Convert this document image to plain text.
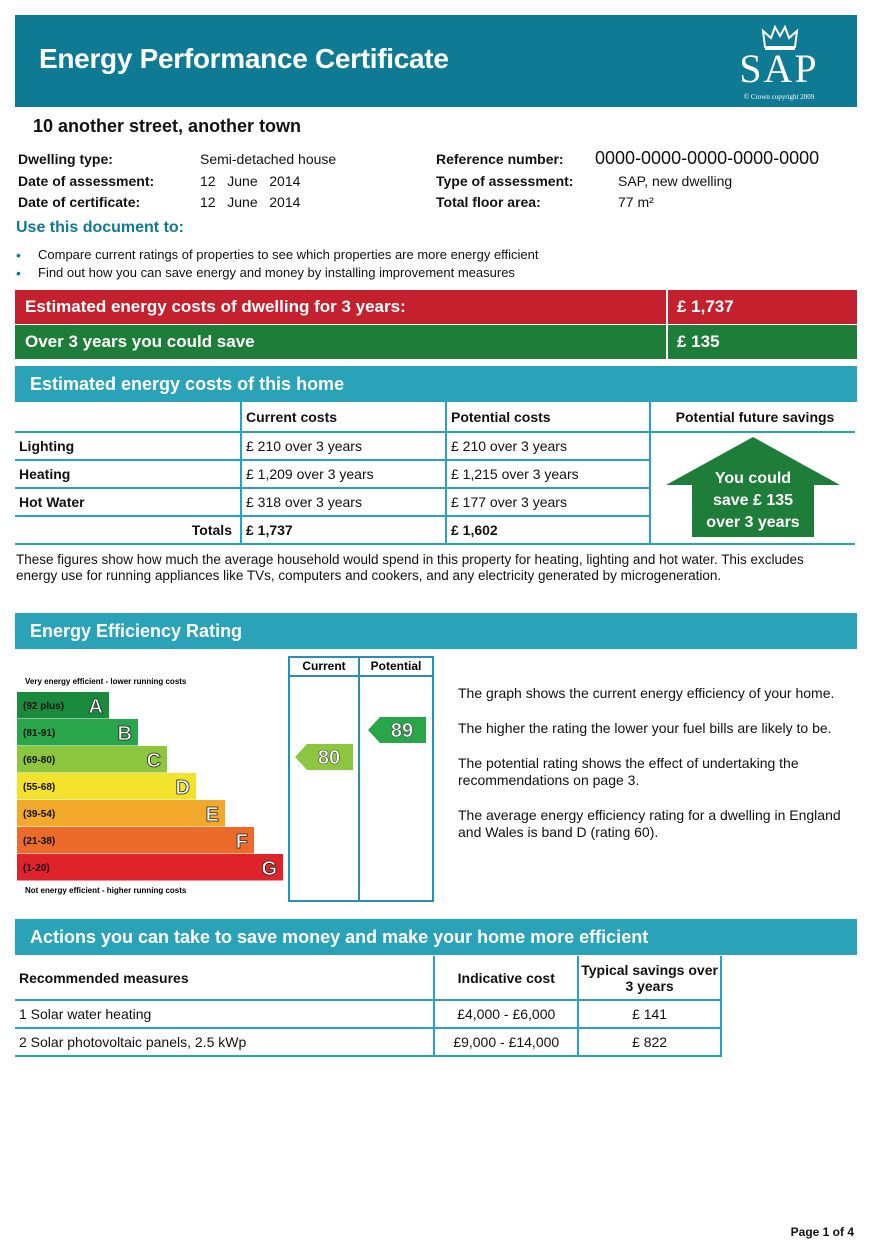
Energy Performance Certificate	SAP
© Crown copyright 2009
10 another street, another town
Dwelling type:	Semi-detached house
Date of assessment:	12   June   2014
Date of certificate:	12   June   2014
Reference number: 0000-0000-0000-0000-0000
Type of assessment:	SAP, new dwelling
Total floor area:	77 m²
Use this document to:
• Compare current ratings of properties to see which properties are more energy efficient
• Find out how you can save energy and money by installing improvement measures
Estimated energy costs of dwelling for 3 years:	£ 1,737
Over 3 years you could save	£ 135
Estimated energy costs of this home
	Current costs	Potential costs	Potential future savings
Lighting	£ 210 over 3 years	£ 210 over 3 years	You could
save £ 135
over 3 years

Heating	£ 1,209 over 3 years	£ 1,215 over 3 years	
Hot Water	£ 318 over 3 years	£ 177 over 3 years	
Totals	£ 1,737	£ 1,602	
These figures show how much the average household would spend in this property for heating, lighting and hot water. This excludes energy use for running appliances like TVs, computers and cookers, and any electricity generated by microgeneration.
Energy Efficiency Rating
Current Potential
Very energy efficient - lower running costs
Not energy efficient - higher running costs
(92 plus) A
(81-91)	B
(69-80)	C
(55-68)	D
(39-54)	E
(21-38)	F
(1-20)	G
80
89

The graph shows the current energy efficiency of your home.

The higher the rating the lower your fuel bills are likely to be.

The potential rating shows the effect of undertaking the recommendations on page 3.

The average energy efficiency rating for a dwelling in England and Wales is band D (rating 60).

Actions you can take to save money and make your home more efficient
Recommended measures	Indicative cost	Typical savings over 3 years
1 Solar water heating	£4,000 - £6,000	£ 141
2 Solar photovoltaic panels, 2.5 kWp	£9,000 - £14,000	£ 822
Page 1 of 4
